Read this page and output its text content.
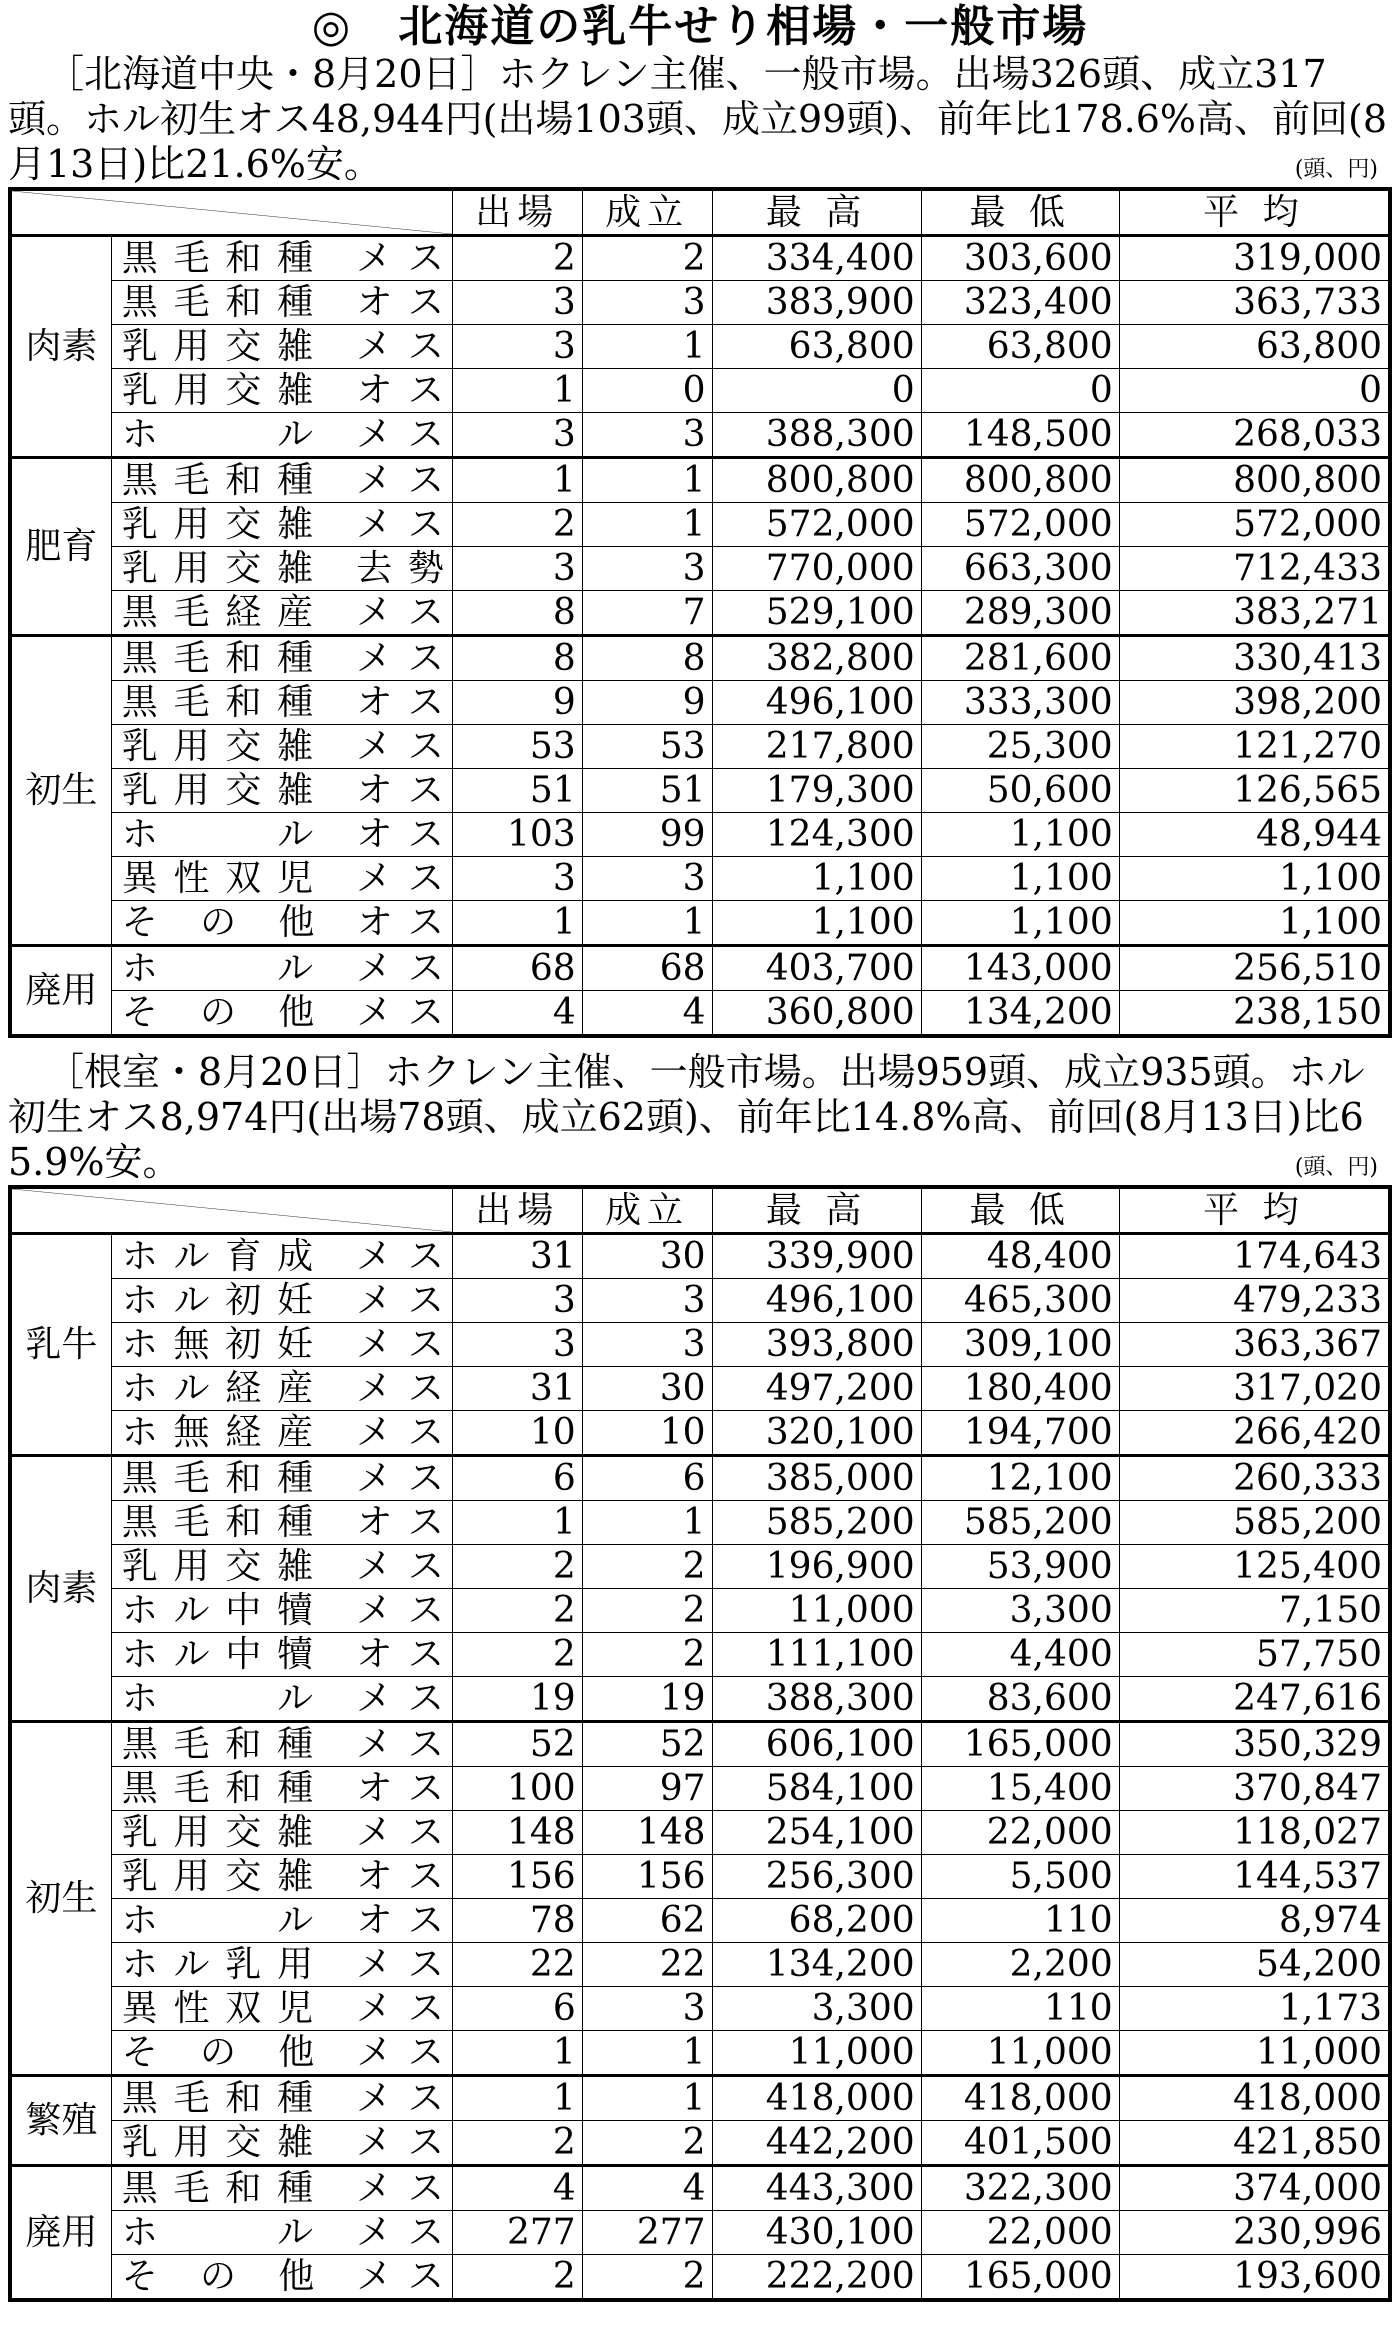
◎　北海道の乳牛せり相場・一般市場

［北海道中央・8月20日］ホクレン主催、一般市場。出場326頭、成立317頭。ホル初生オス48,944円(出場103頭、成立99頭)、前年比178.6%高、前回(8月13日)比21.6%安。	(頭、円)
	出場	成立	最 高	最 低	平 均
肉素	黒毛和種 メス	2	2	334,400	303,600	319,000
	黒毛和種 オス	3	3	383,900	323,400	363,733
	乳用交雑 メス	3	1	63,800	63,800	63,800
	乳用交雑 オス	1	0	0	0	0
	ホ　　ル メス	3	3	388,300	148,500	268,033
肥育	黒毛和種 メス	1	1	800,800	800,800	800,800
	乳用交雑 メス	2	1	572,000	572,000	572,000
	乳用交雑 去勢	3	3	770,000	663,300	712,433
	黒毛経産 メス	8	7	529,100	289,300	383,271
初生	黒毛和種 メス	8	8	382,800	281,600	330,413
	黒毛和種 オス	9	9	496,100	333,300	398,200
	乳用交雑 メス	53	53	217,800	25,300	121,270
	乳用交雑 オス	51	51	179,300	50,600	126,565
	ホ　　ル オス	103	99	124,300	1,100	48,944
	異性双児 メス	3	3	1,100	1,100	1,100
	そ の 他 オス	1	1	1,100	1,100	1,100
廃用	ホ　　ル メス	68	68	403,700	143,000	256,510
	そ の 他 メス	4	4	360,800	134,200	238,150

［根室・8月20日］ホクレン主催、一般市場。出場959頭、成立935頭。ホル初生オス8,974円(出場78頭、成立62頭)、前年比14.8%高、前回(8月13日)比65.9%安。	(頭、円)
	出場	成立	最 高	最 低	平 均
乳牛	ホル育成 メス	31	30	339,900	48,400	174,643
	ホル初妊 メス	3	3	496,100	465,300	479,233
	ホ無初妊 メス	3	3	393,800	309,100	363,367
	ホル経産 メス	31	30	497,200	180,400	317,020
	ホ無経産 メス	10	10	320,100	194,700	266,420
肉素	黒毛和種 メス	6	6	385,000	12,100	260,333
	黒毛和種 オス	1	1	585,200	585,200	585,200
	乳用交雑 メス	2	2	196,900	53,900	125,400
	ホル中犢 メス	2	2	11,000	3,300	7,150
	ホル中犢 オス	2	2	111,100	4,400	57,750
	ホ　　ル メス	19	19	388,300	83,600	247,616
初生	黒毛和種 メス	52	52	606,100	165,000	350,329
	黒毛和種 オス	100	97	584,100	15,400	370,847
	乳用交雑 メス	148	148	254,100	22,000	118,027
	乳用交雑 オス	156	156	256,300	5,500	144,537
	ホ　　ル オス	78	62	68,200	110	8,974
	ホル乳用 メス	22	22	134,200	2,200	54,200
	異性双児 メス	6	3	3,300	110	1,173
	そ の 他 メス	1	1	11,000	11,000	11,000
繁殖	黒毛和種 メス	1	1	418,000	418,000	418,000
	乳用交雑 メス	2	2	442,200	401,500	421,850
廃用	黒毛和種 メス	4	4	443,300	322,300	374,000
	ホ　　ル メス	277	277	430,100	22,000	230,996
	そ の 他 メス	2	2	222,200	165,000	193,600
